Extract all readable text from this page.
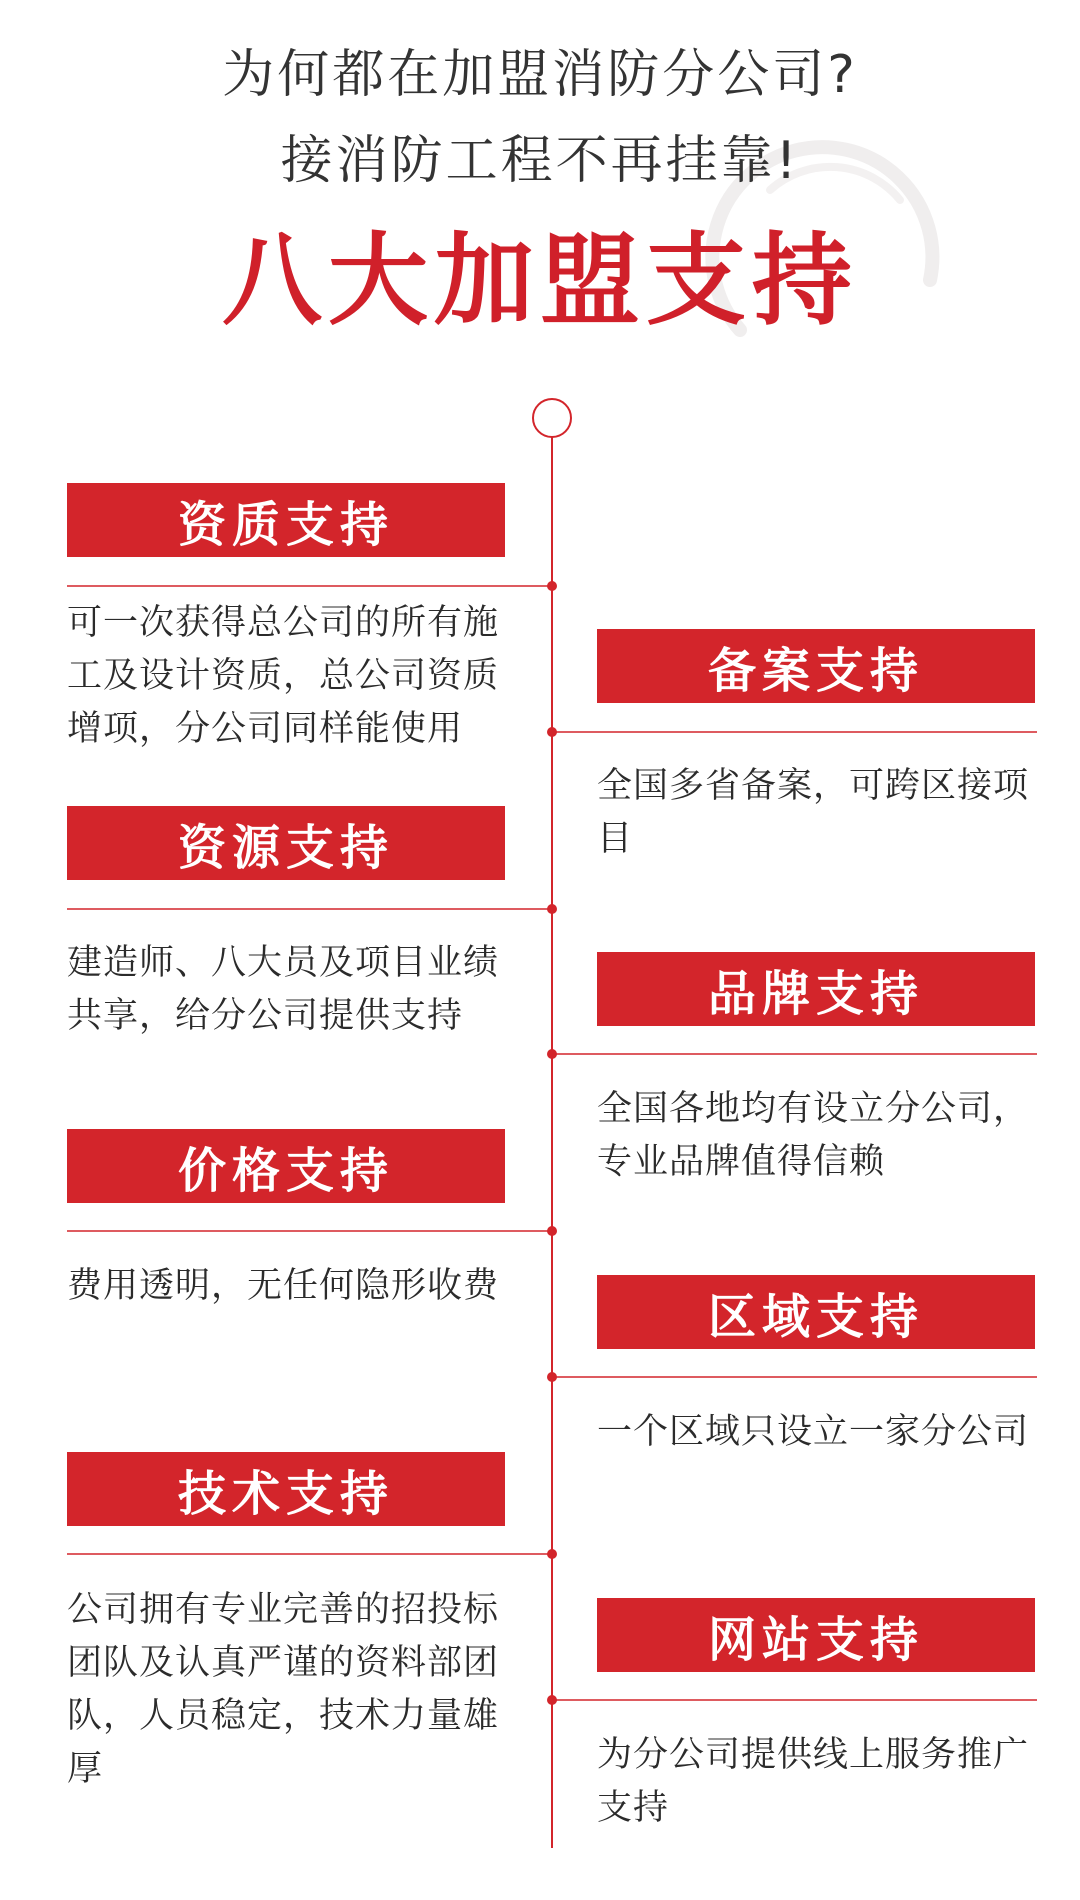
为何都在加盟消防分公司?
接消防工程不再挂靠!
八大加盟支持
资质支持
可一次获得总公司的所有施工及设计资质，总公司资质增项，分公司同样能使用
资源支持
建造师、八大员及项目业绩共享，给分公司提供支持
价格支持
费用透明，无任何隐形收费
技术支持
公司拥有专业完善的招投标团队及认真严谨的资料部团队，人员稳定，技术力量雄厚
备案支持
全国多省备案，可跨区接项目
品牌支持
全国各地均有设立分公司，专业品牌值得信赖
区域支持
一个区域只设立一家分公司
网站支持
为分公司提供线上服务推广支持
